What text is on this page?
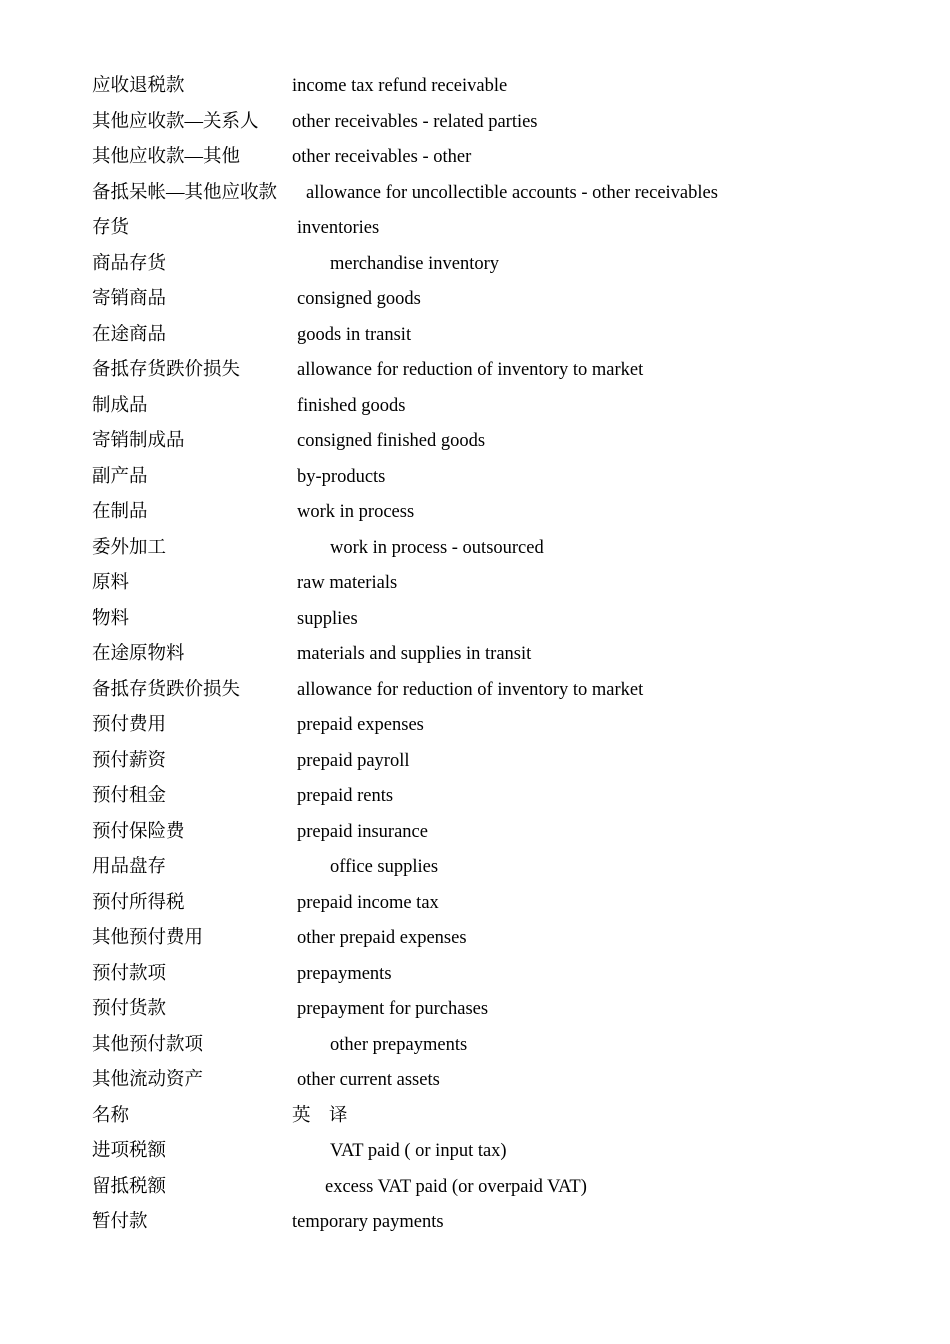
应收退税款	income tax refund receivable
其他应收款—关系人 other receivables - related parties
其他应收款—其他	other receivables - other
备抵呆帐—其他应收款 allowance for uncollectible accounts - other receivables
存货	inventories
商品存货	merchandise inventory
寄销商品	consigned goods
在途商品	goods in transit
备抵存货跌价损失	allowance for reduction of inventory to market
制成品	finished goods
寄销制成品	consigned finished goods
副产品	by-products
在制品	work in process
委外加工	work in process - outsourced
原料	raw materials
物料	supplies
在途原物料	materials and supplies in transit
备抵存货跌价损失	allowance for reduction of inventory to market
预付费用	prepaid expenses
预付薪资	prepaid payroll
预付租金	prepaid rents
预付保险费	prepaid insurance
用品盘存	office supplies
预付所得税	prepaid income tax
其他预付费用	other prepaid expenses
预付款项	prepayments
预付货款	prepayment for purchases
其他预付款项	other prepayments
其他流动资产	other current assets
名称	英　译
进项税额	VAT paid ( or input tax)
留抵税额	excess VAT paid (or overpaid VAT)
暂付款	temporary payments
